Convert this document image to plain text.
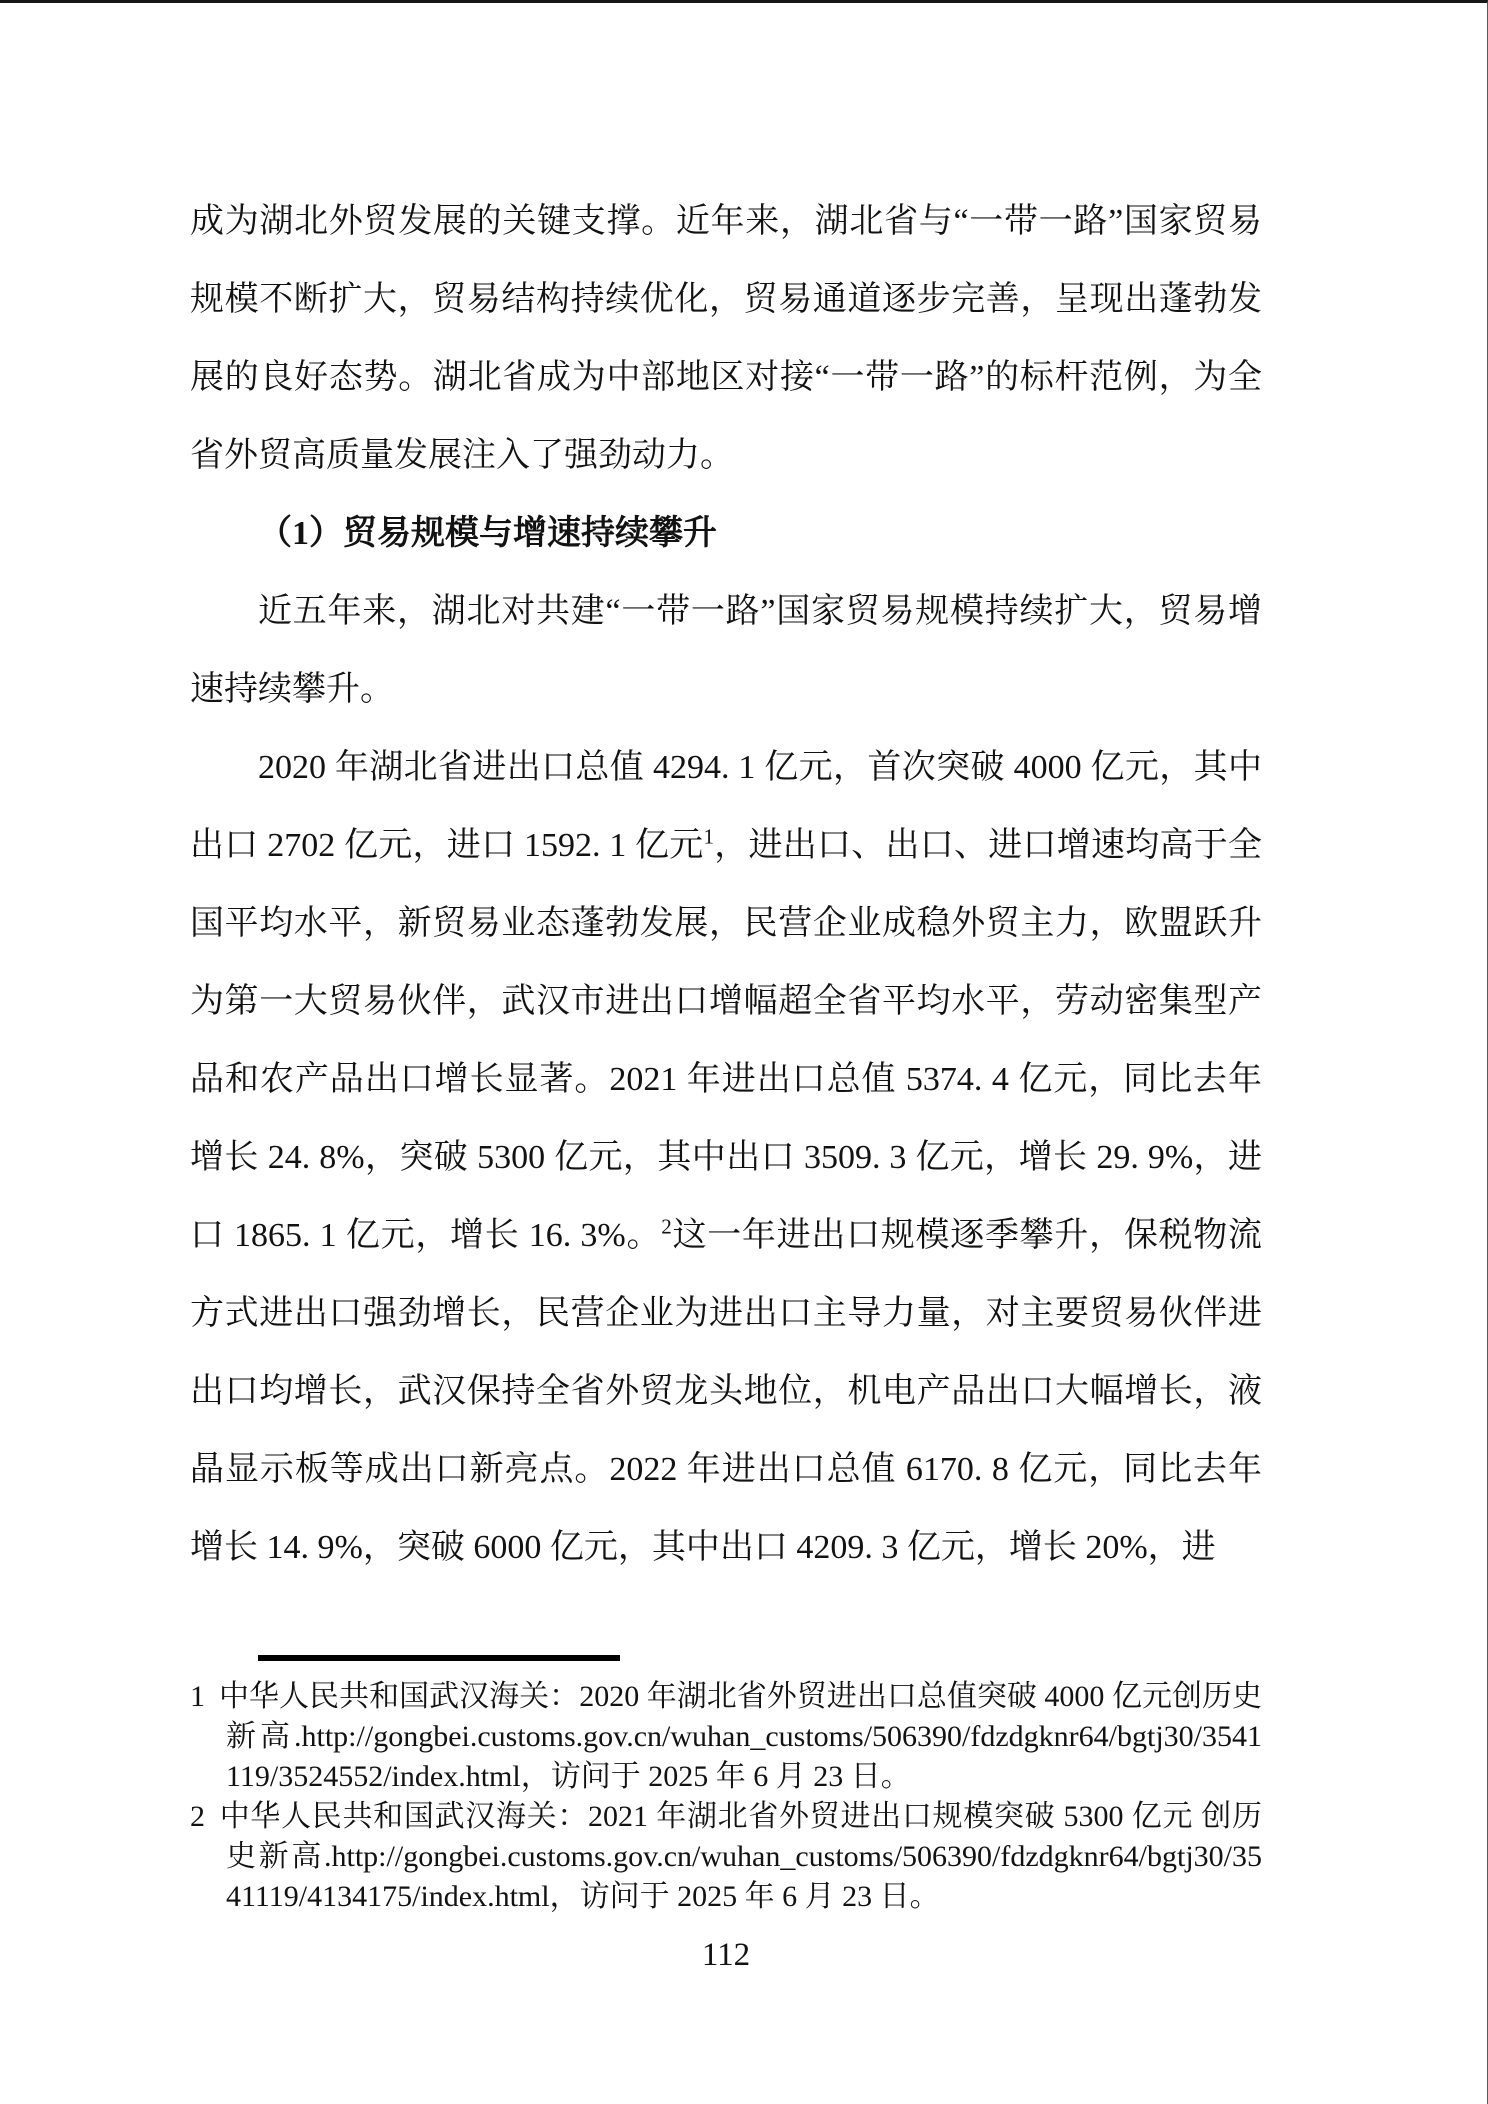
成为湖北外贸发展的关键支撑。近年来，湖北省与“一带一路”国家贸易规模不断扩大，贸易结构持续优化，贸易通道逐步完善，呈现出蓬勃发展的良好态势。湖北省成为中部地区对接“一带一路”的标杆范例，为全省外贸高质量发展注入了强劲动力。

（1）贸易规模与增速持续攀升

近五年来，湖北对共建“一带一路”国家贸易规模持续扩大，贸易增速持续攀升。

2020 年湖北省进出口总值 4294. 1 亿元，首次突破 4000 亿元，其中出口 2702 亿元，进口 1592. 1 亿元$^1$，进出口、出口、进口增速均高于全国平均水平，新贸易业态蓬勃发展，民营企业成稳外贸主力，欧盟跃升为第一大贸易伙伴，武汉市进出口增幅超全省平均水平，劳动密集型产品和农产品出口增长显著。2021 年进出口总值 5374. 4 亿元，同比去年增长 24. 8%，突破 5300 亿元，其中出口 3509. 3 亿元，增长 29. 9%，进口 1865. 1 亿元，增长 16. 3%。$^2$这一年进出口规模逐季攀升，保税物流方式进出口强劲增长，民营企业为进出口主导力量，对主要贸易伙伴进出口均增长，武汉保持全省外贸龙头地位，机电产品出口大幅增长，液晶显示板等成出口新亮点。2022 年进出口总值 6170. 8 亿元，同比去年增长 14. 9%，突破 6000 亿元，其中出口 4209. 3 亿元，增长 20%，进

1 中华人民共和国武汉海关：2020 年湖北省外贸进出口总值突破 4000 亿元创历史新高.http://gongbei.customs.gov.cn/wuhan_customs/506390/fdzdgknr64/bgtj30/3541119/3524552/index.html，访问于 2025 年 6 月 23 日。

2 中华人民共和国武汉海关：2021 年湖北省外贸进出口规模突破 5300 亿元 创历史新高.http://gongbei.customs.gov.cn/wuhan_customs/506390/fdzdgknr64/bgtj30/3541119/4134175/index.html，访问于 2025 年 6 月 23 日。

112
